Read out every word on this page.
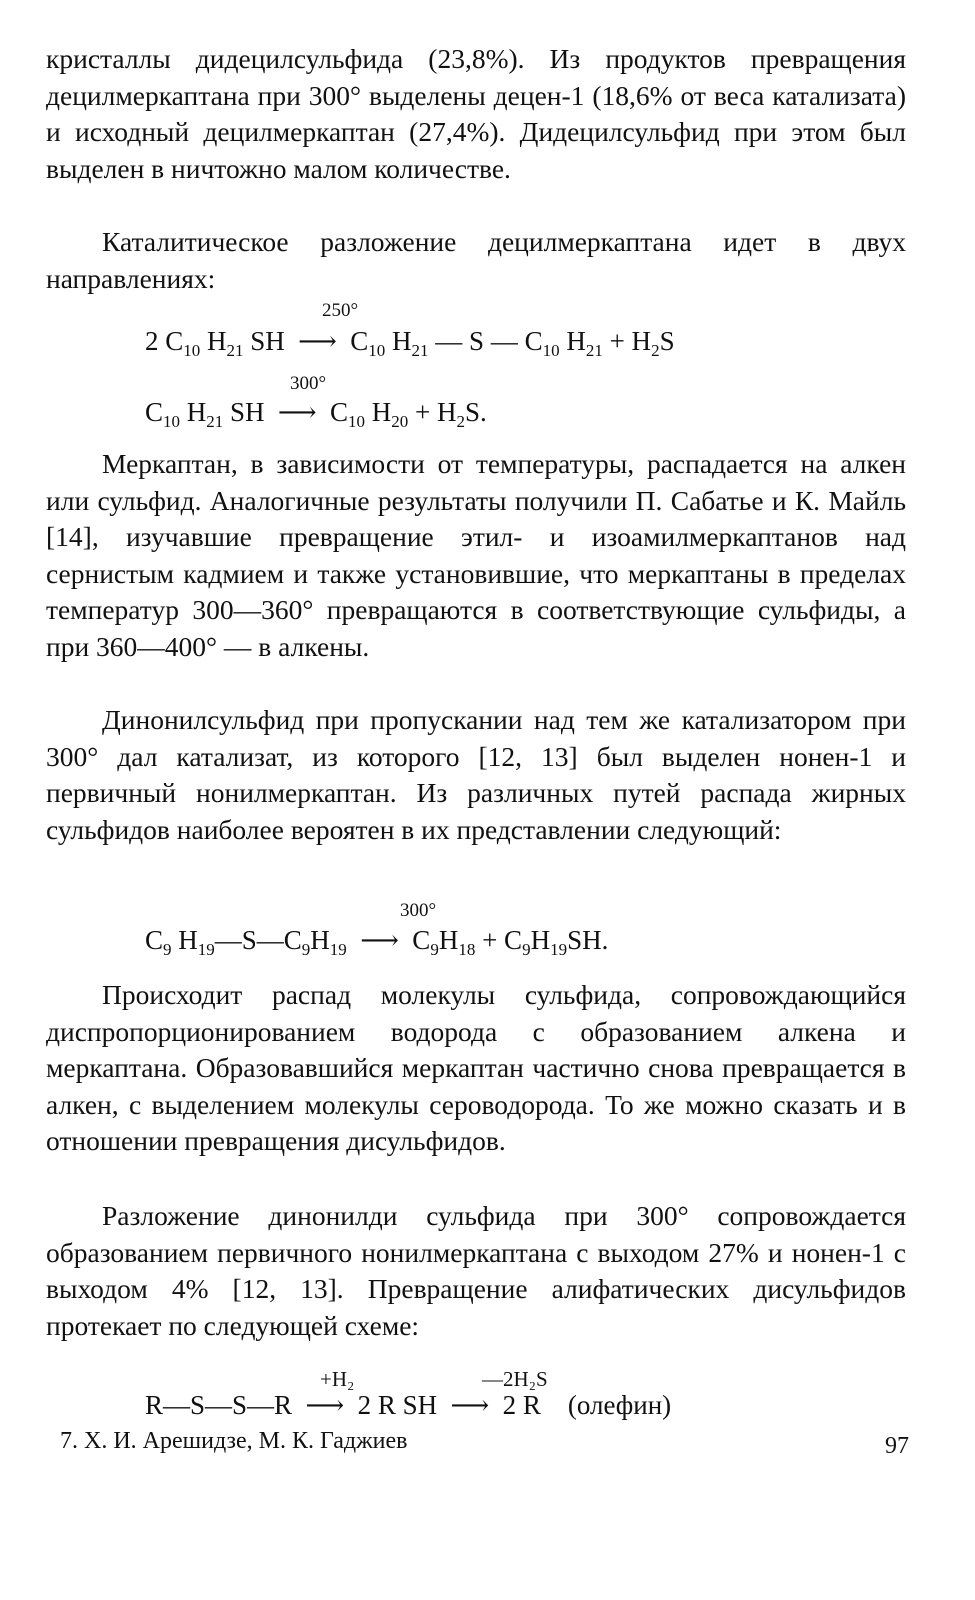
кристаллы дидецилсульфида (23,8%). Из продуктов превращения децилмеркаптана при 300° выделены децен-1 (18,6% от веса катализата) и исходный децилмеркаптан (27,4%). Дидецилсульфид при этом был выделен в ничтожно малом количестве.

Каталитическое разложение децилмеркаптана идет в двух направлениях:

250°
2 $C_{10}$ $H_{21}$ SH ⟶ $C_{10}$ $H_{21}$ — S — $C_{10}$ $H_{21} + H_2S$
300°
$C_{10}$ $H_{21}$ SH ⟶ $C_{10}$ $H_{20} + H_2S$.

Меркаптан, в зависимости от температуры, распадается на алкен или сульфид. Аналогичные результаты получили П. Сабатье и К. Майль [14], изучавшие превращение этил- и изоамилмеркаптанов над сернистым кадмием и также установившие, что меркаптаны в пределах температур 300—360° превращаются в соответствующие сульфиды, а при 360—400° — в алкены.

Динонилсульфид при пропускании над тем же катализатором при 300° дал катализат, из которого [12, 13] был выделен нонен-1 и первичный нонилмеркаптан. Из различных путей распада жирных сульфидов наиболее вероятен в их представлении следующий:

300°
$C_9$ $H_{19}—S—C_9H_{19}$ ⟶ $C_9H_{18} + C_9H_{19}SH$.

Происходит распад молекулы сульфида, сопровождающийся диспропорционированием водорода с образованием алкена и меркаптана. Образовавшийся меркаптан частично снова превращается в алкен, с выделением молекулы сероводорода. То же можно сказать и в отношении превращения дисульфидов.

Разложение динонилди сульфида при 300° сопровождается образованием первичного нонилмеркаптана с выходом 27% и нонен-1 с выходом 4% [12, 13]. Превращение алифатических дисульфидов протекает по следующей схеме:

+H₂	—2H₂S
R—S—S—R ⟶ 2 R SH ⟶ 2 R    (олефин)
7. Х. И. Арешидзе, М. К. Гаджиев	97
